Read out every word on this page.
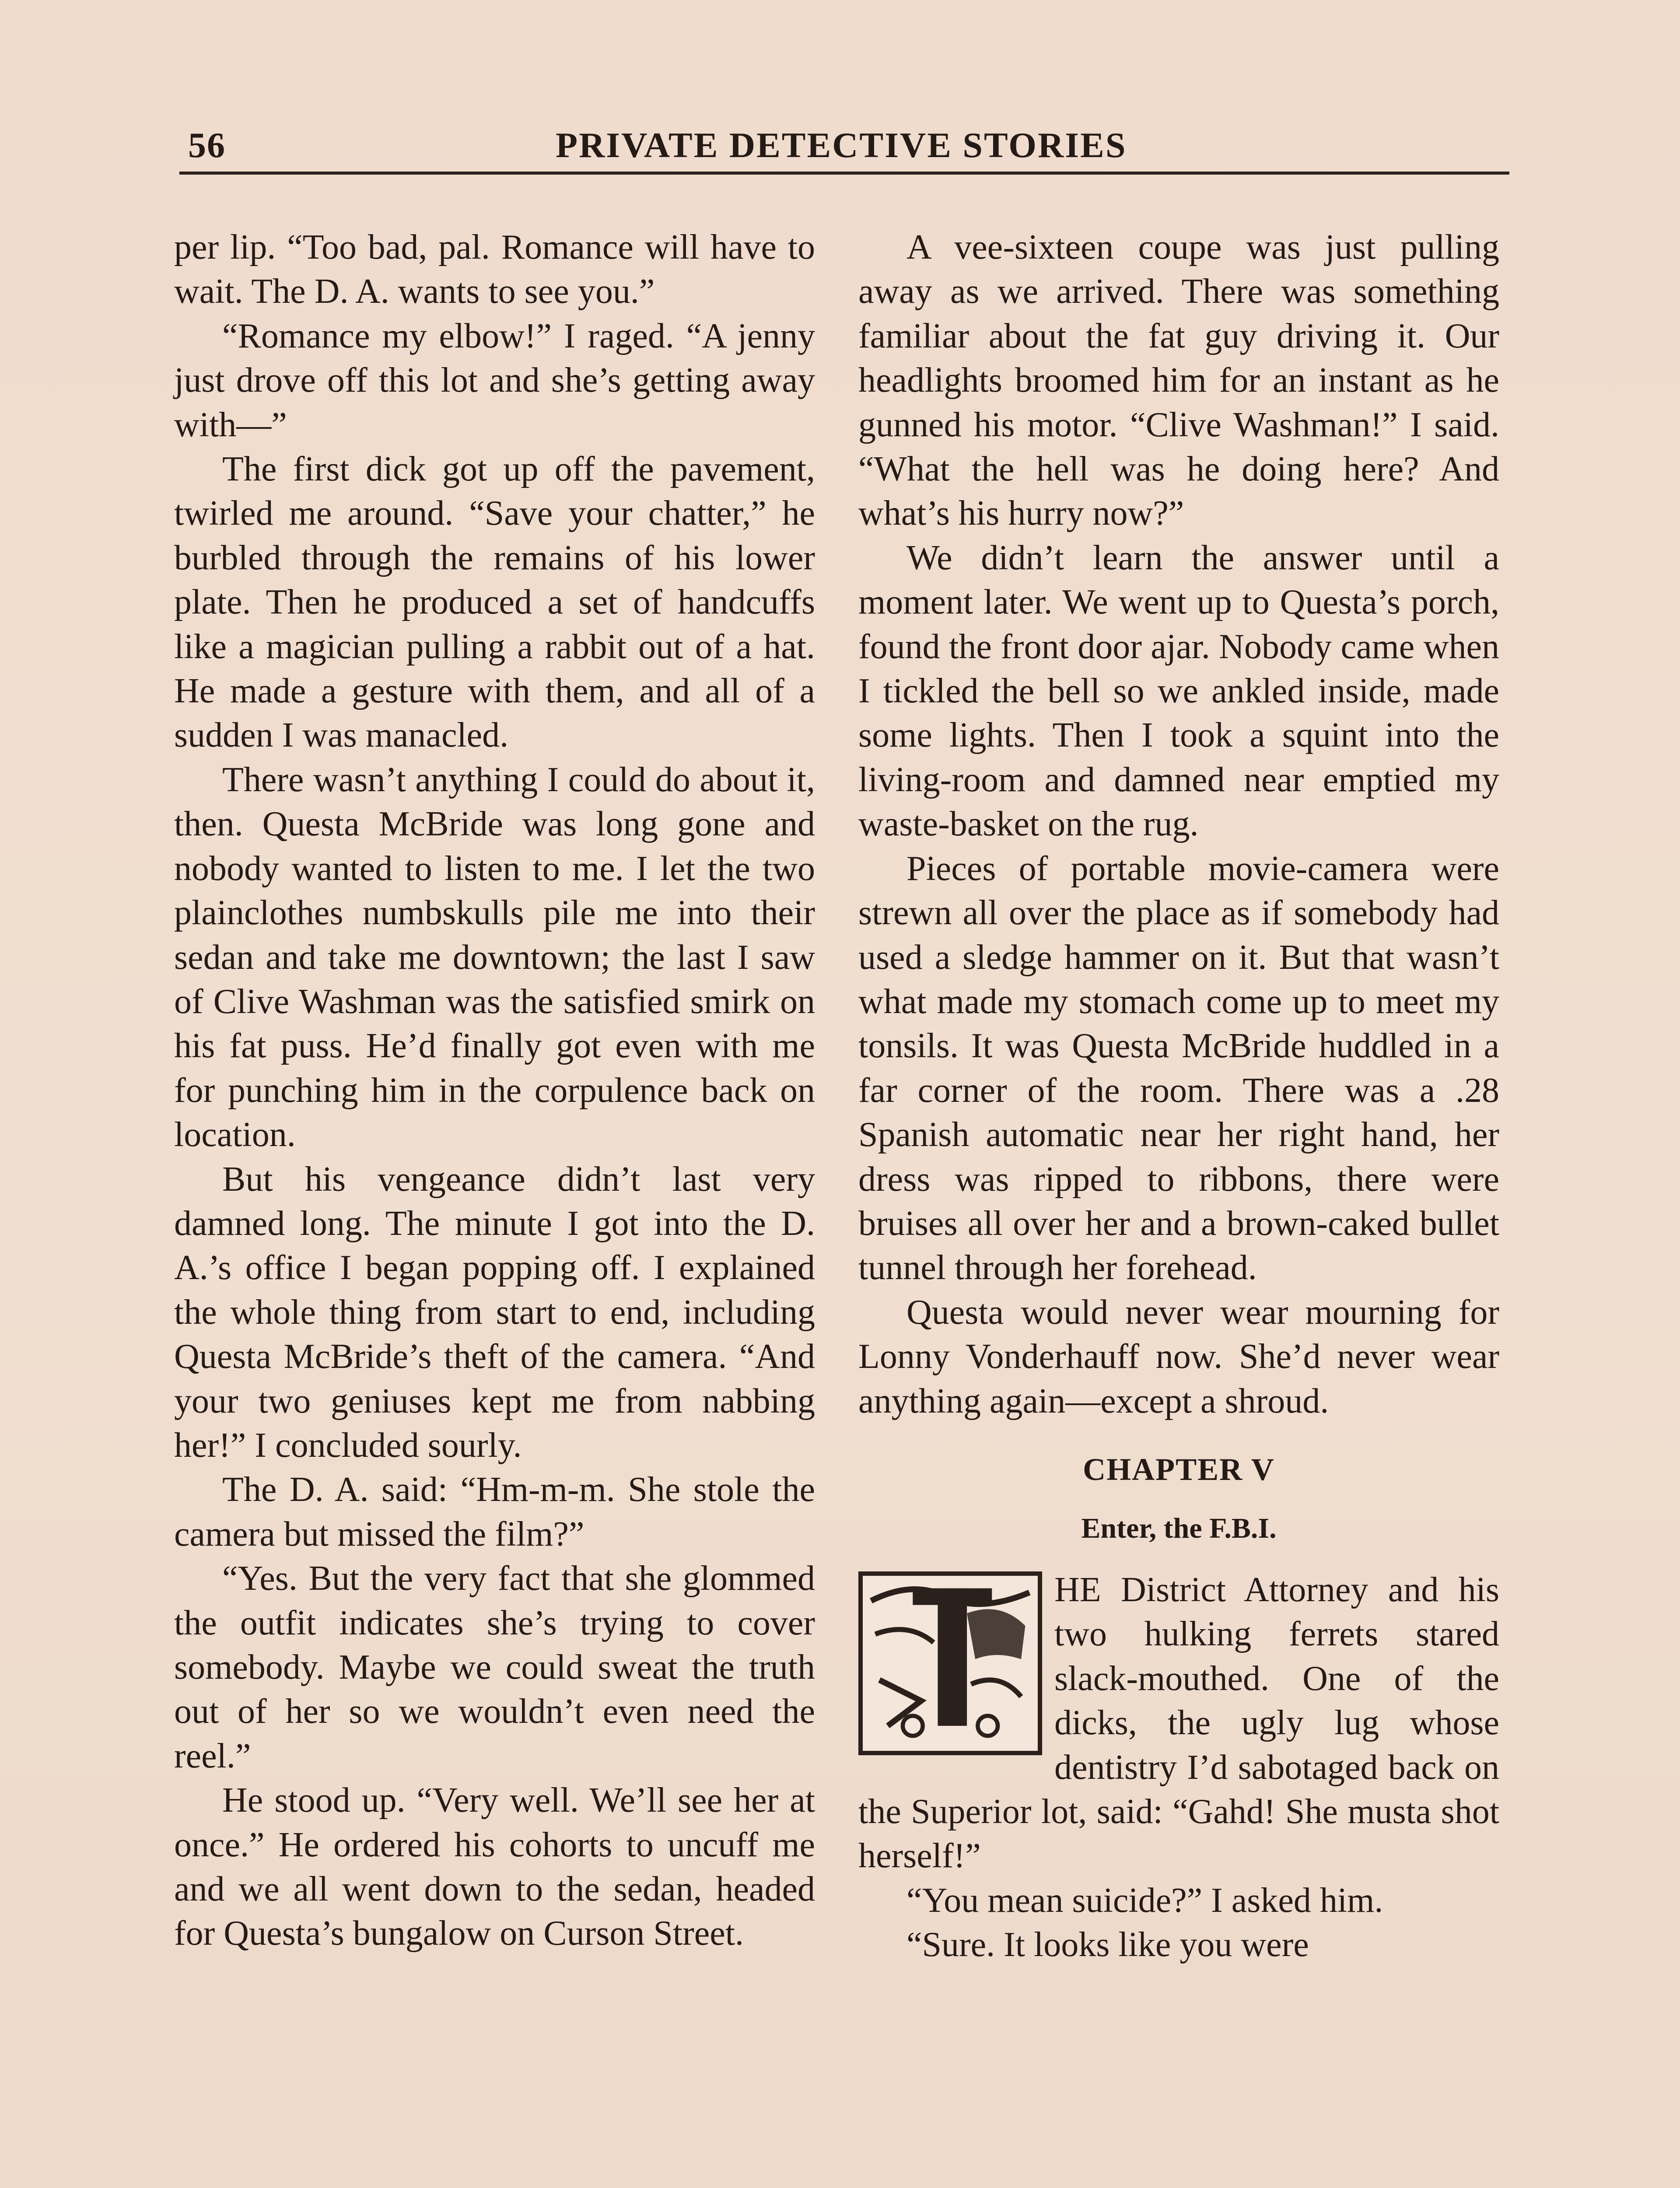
56	PRIVATE DETECTIVE STORIES

per lip. “Too bad, pal. Romance will have to wait. The D. A. wants to see you.”

“Romance my elbow!” I raged. “A jenny just drove off this lot and she’s getting away with—”

The first dick got up off the pavement, twirled me around. “Save your chatter,” he burbled through the remains of his lower plate. Then he produced a set of handcuffs like a magician pulling a rabbit out of a hat. He made a gesture with them, and all of a sudden I was manacled.

There wasn’t anything I could do about it, then. Questa McBride was long gone and nobody wanted to listen to me. I let the two plainclothes numbskulls pile me into their sedan and take me downtown; the last I saw of Clive Washman was the satisfied smirk on his fat puss. He’d finally got even with me for punching him in the corpulence back on location.

But his vengeance didn’t last very damned long. The minute I got into the D. A.’s office I began popping off. I explained the whole thing from start to end, including Questa McBride’s theft of the camera. “And your two geniuses kept me from nabbing her!” I concluded sourly.

The D. A. said: “Hm-m-m. She stole the camera but missed the film?”

“Yes. But the very fact that she glommed the outfit indicates she’s trying to cover somebody. Maybe we could sweat the truth out of her so we wouldn’t even need the reel.”

He stood up. “Very well. We’ll see her at once.” He ordered his cohorts to uncuff me and we all went down to the sedan, headed for Questa’s bungalow on Curson Street.

A vee-sixteen coupe was just pulling away as we arrived. There was something familiar about the fat guy driving it. Our headlights broomed him for an instant as he gunned his motor. “Clive Washman!” I said. “What the hell was he doing here? And what’s his hurry now?”

We didn’t learn the answer until a moment later. We went up to Questa’s porch, found the front door ajar. Nobody came when I tickled the bell so we ankled inside, made some lights. Then I took a squint into the living-room and damned near emptied my waste-basket on the rug.

Pieces of portable movie-camera were strewn all over the place as if somebody had used a sledge hammer on it. But that wasn’t what made my stomach come up to meet my tonsils. It was Questa McBride huddled in a far corner of the room. There was a .28 Spanish automatic near her right hand, her dress was ripped to ribbons, there were bruises all over her and a brown-caked bullet tunnel through her forehead.

Questa would never wear mourning for Lonny Vonderhauff now. She’d never wear anything again—except a shroud.

CHAPTER V
Enter, the F.B.I.

HE District Attorney and his two hulking ferrets stared slack-mouthed. One of the dicks, the ugly lug whose dentistry I’d sabotaged back on the Superior lot, said: “Gahd! She musta shot herself!”

“You mean suicide?” I asked him.

“Sure. It looks like you were
